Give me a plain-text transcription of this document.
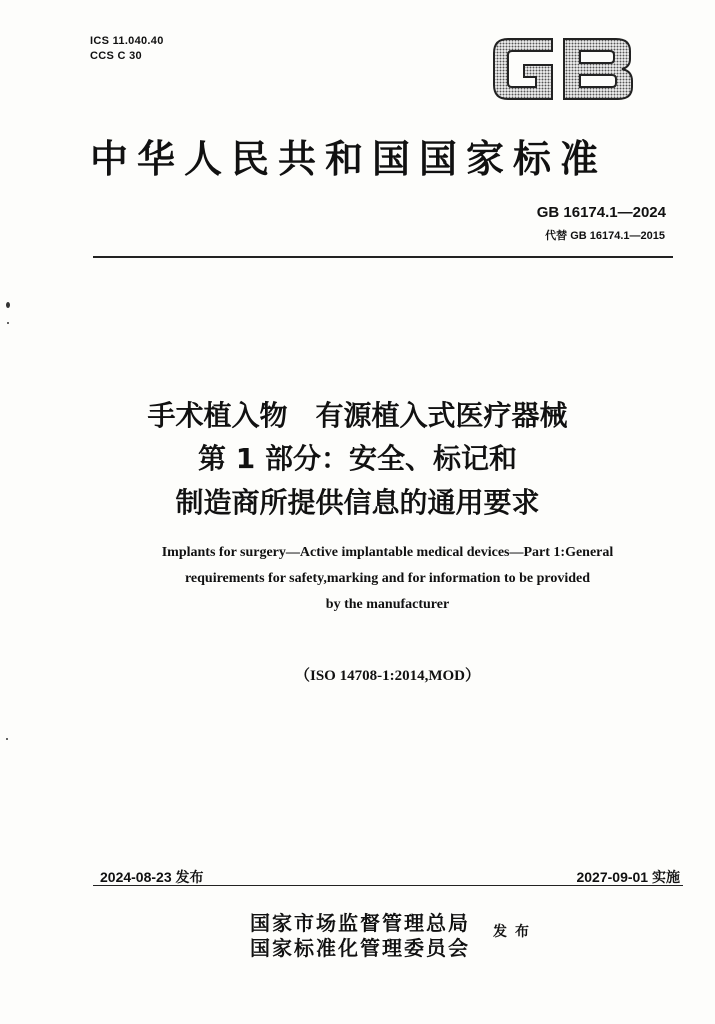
ICS 11.040.40
CCS C 30
中华人民共和国国家标准
GB 16174.1—2024
代替 GB 16174.1—2015
手术植入物　有源植入式医疗器械
第 1 部分：安全、标记和
制造商所提供信息的通用要求
Implants for surgery—Active implantable medical devices—Part 1:General
requirements for safety,marking and for information to be provided
by the manufacturer
（ISO 14708-1:2014,MOD）
2024-08-23 发布	2027-09-01 实施
国家市场监督管理总局
国家标准化管理委员会
发布
